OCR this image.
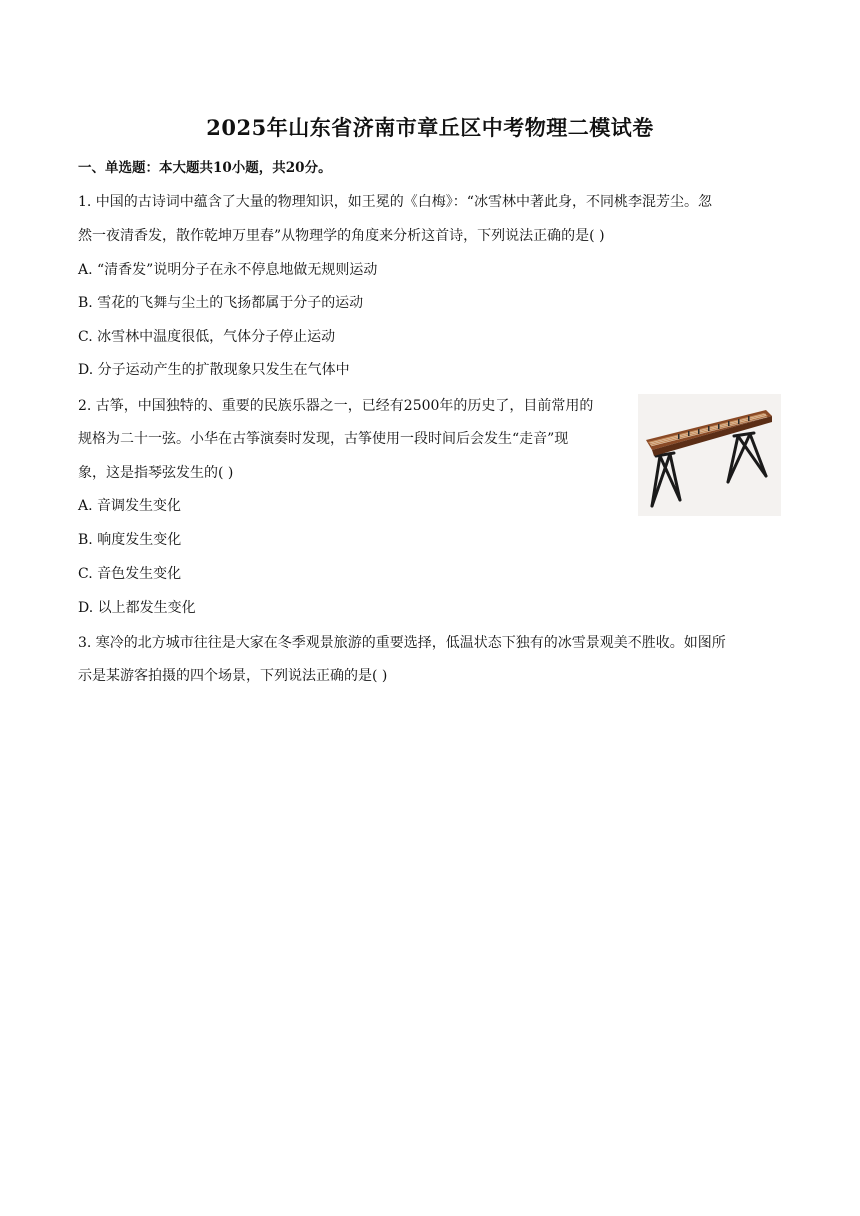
2025年山东省济南市章丘区中考物理二模试卷
一、单选题：本大题共10小题，共20分。
1. 中国的古诗词中蕴含了大量的物理知识，如王冕的《白梅》：“冰雪林中著此身，不同桃李混芳尘。忽
然一夜清香发，散作乾坤万里春”从物理学的角度来分析这首诗，下列说法正确的是( )
A. “清香发”说明分子在永不停息地做无规则运动
B. 雪花的飞舞与尘土的飞扬都属于分子的运动
C. 冰雪林中温度很低，气体分子停止运动
D. 分子运动产生的扩散现象只发生在气体中
2. 古筝，中国独特的、重要的民族乐器之一，已经有2500年的历史了，目前常用的
规格为二十一弦。小华在古筝演奏时发现，古筝使用一段时间后会发生“走音”现
象，这是指琴弦发生的( )
A. 音调发生变化
B. 响度发生变化
C. 音色发生变化
D. 以上都发生变化
3. 寒冷的北方城市往往是大家在冬季观景旅游的重要选择，低温状态下独有的冰雪景观美不胜收。如图所
示是某游客拍摄的四个场景，下列说法正确的是( )
